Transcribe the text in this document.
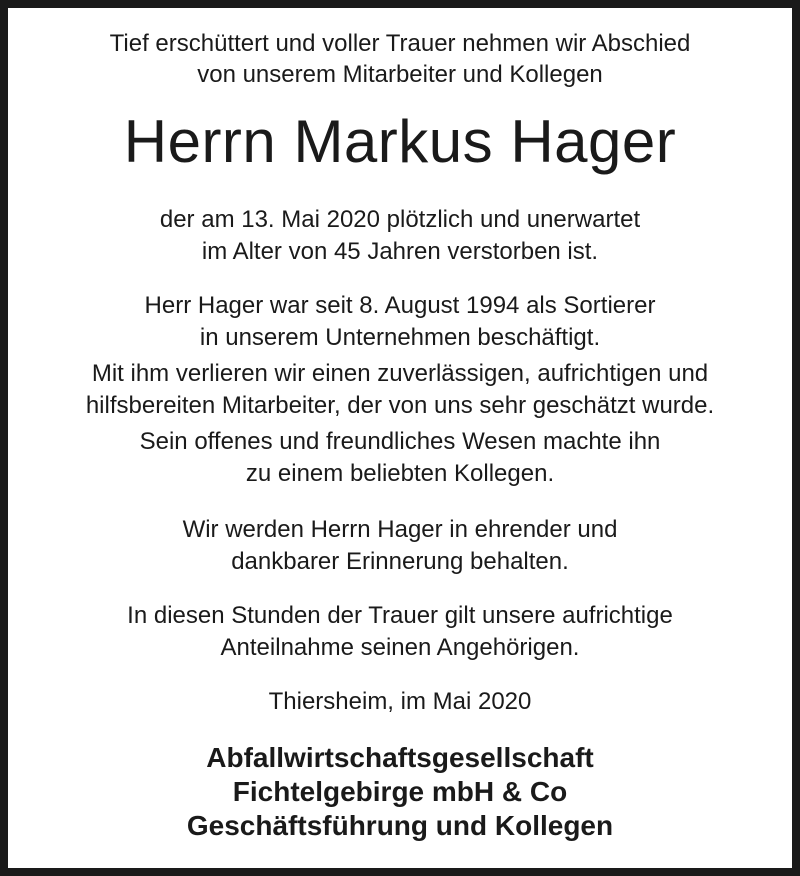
Tief erschüttert und voller Trauer nehmen wir Abschied
von unserem Mitarbeiter und Kollegen
Herrn Markus Hager
der am 13. Mai 2020 plötzlich und unerwartet
im Alter von 45 Jahren verstorben ist.
Herr Hager war seit 8. August 1994 als Sortierer
in unserem Unternehmen beschäftigt.
Mit ihm verlieren wir einen zuverlässigen, aufrichtigen und
hilfsbereiten Mitarbeiter, der von uns sehr geschätzt wurde.
Sein offenes und freundliches Wesen machte ihn
zu einem beliebten Kollegen.
Wir werden Herrn Hager in ehrender und
dankbarer Erinnerung behalten.
In diesen Stunden der Trauer gilt unsere aufrichtige
Anteilnahme seinen Angehörigen.
Thiersheim, im Mai 2020
Abfallwirtschaftsgesellschaft
Fichtelgebirge mbH & Co
Geschäftsführung und Kollegen
